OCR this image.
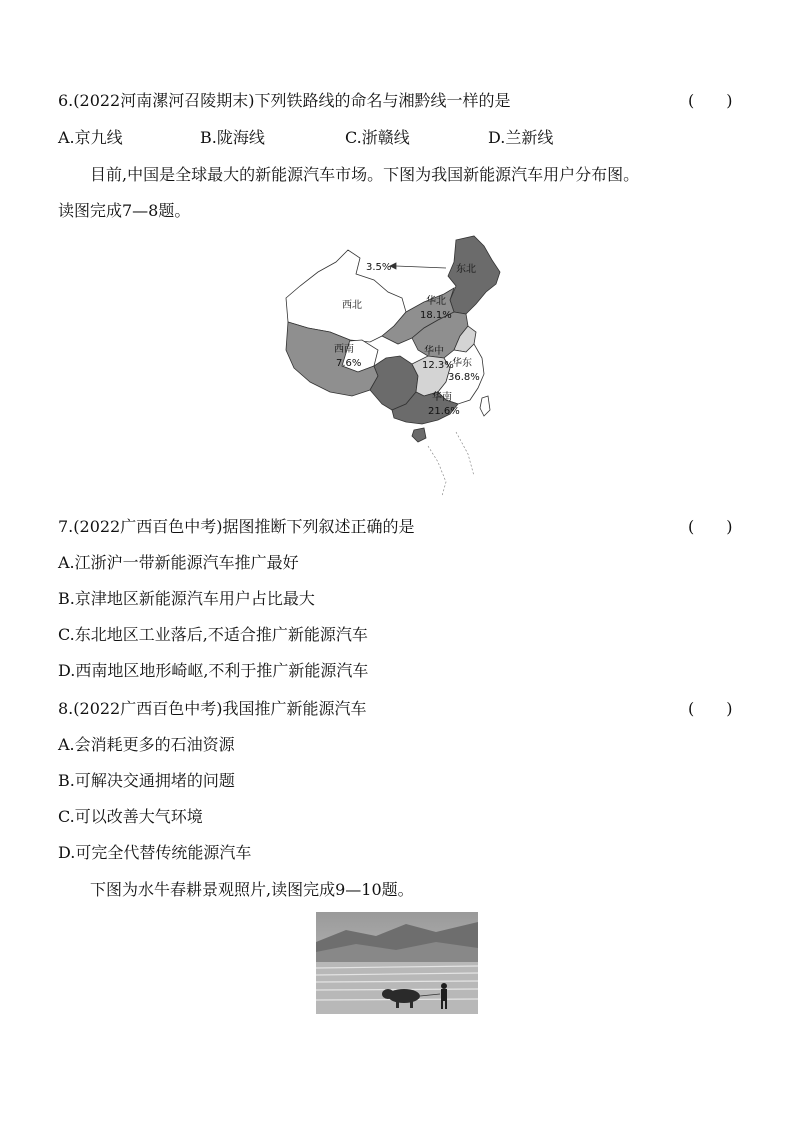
6.(2022河南漯河召陵期末)下列铁路线的命名与湘黔线一样的是	(　　)
A.京九线	B.陇海线	C.浙赣线	D.兰新线
目前,中国是全球最大的新能源汽车市场。下图为我国新能源汽车用户分布图。
读图完成7—8题。
3.5%	东北
西北	华北
18.1%
西南
7.6%
华中
12.3%
华东
36.8%
华南
21.6%
7.(2022广西百色中考)据图推断下列叙述正确的是	(　　)
A.江浙沪一带新能源汽车推广最好
B.京津地区新能源汽车用户占比最大
C.东北地区工业落后,不适合推广新能源汽车
D.西南地区地形崎岖,不利于推广新能源汽车
8.(2022广西百色中考)我国推广新能源汽车	(　　)
A.会消耗更多的石油资源
B.可解决交通拥堵的问题
C.可以改善大气环境
D.可完全代替传统能源汽车
下图为水牛春耕景观照片,读图完成9—10题。
